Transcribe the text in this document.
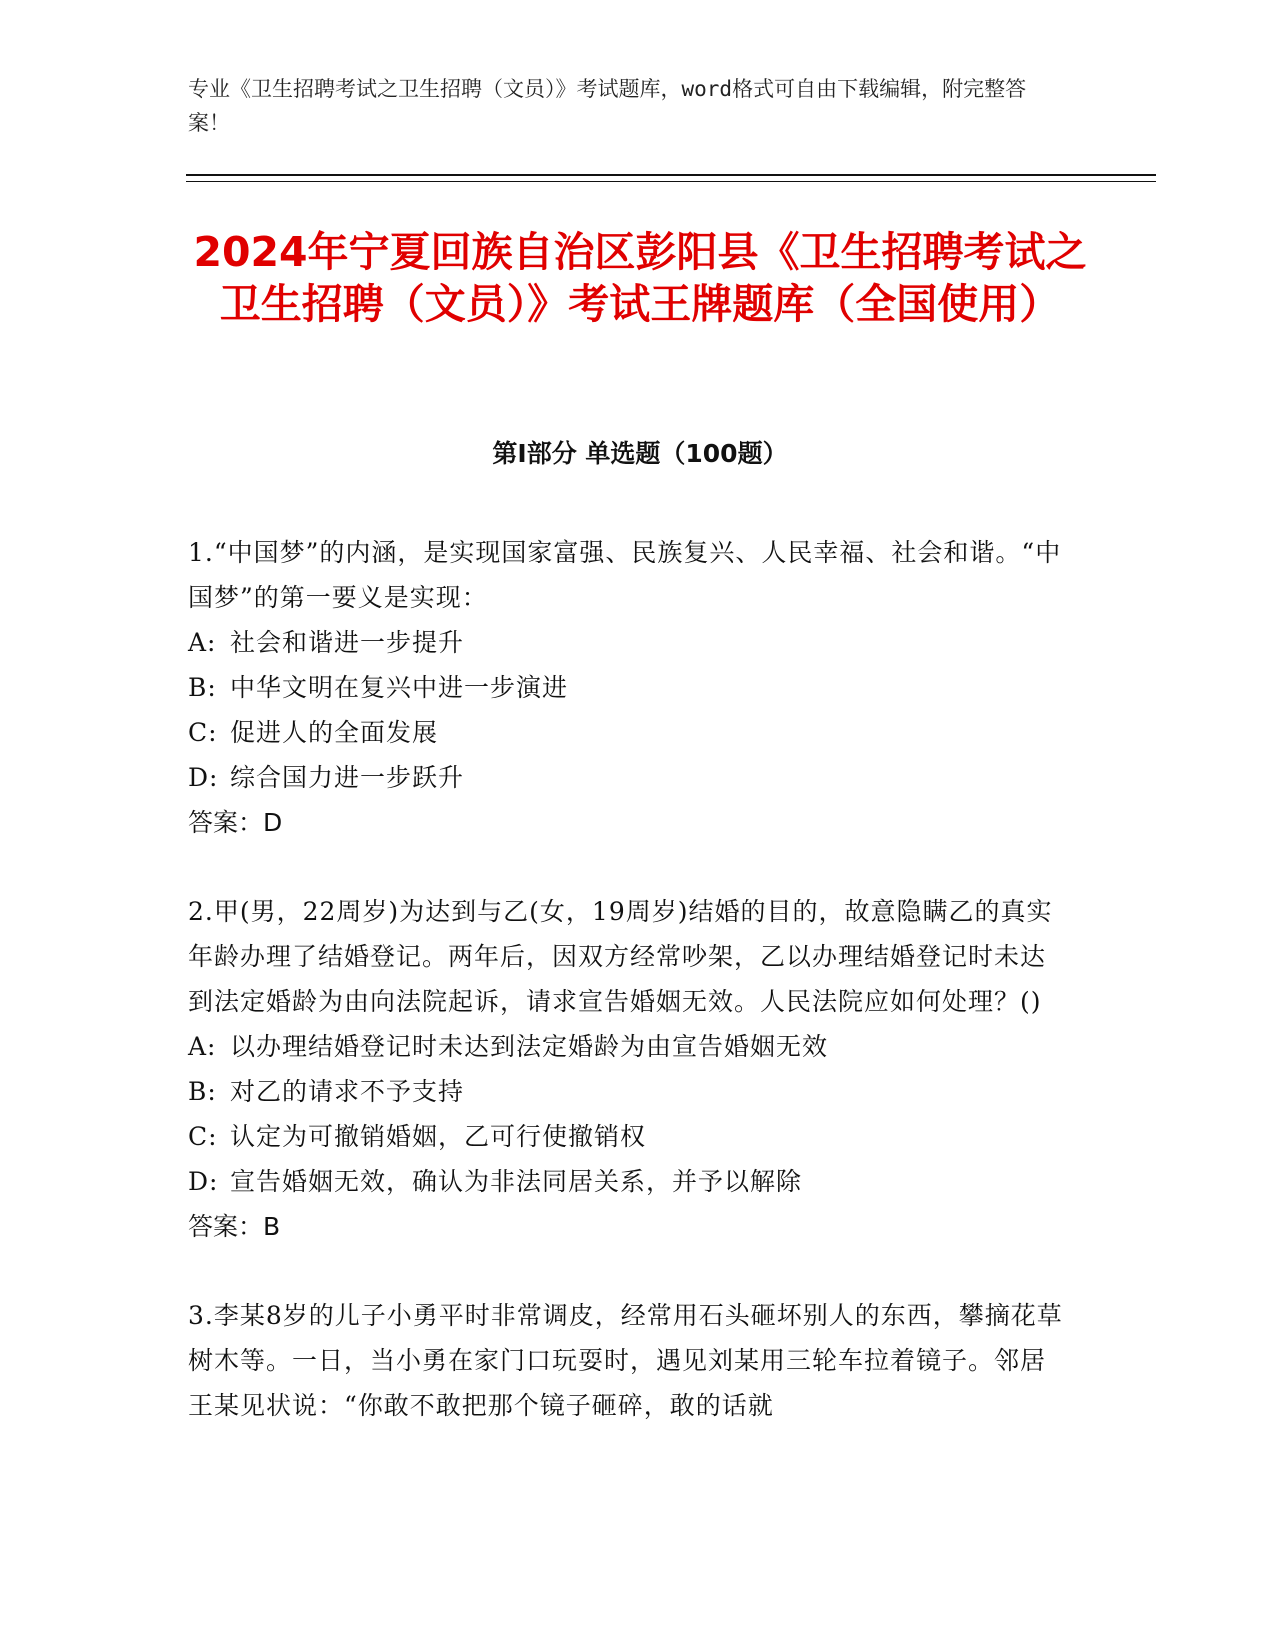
专业《卫生招聘考试之卫生招聘（文员）》考试题库，word格式可自由下载编辑，附完整答案！
2024年宁夏回族自治区彭阳县《卫生招聘考试之卫生招聘（文员）》考试王牌题库（全国使用）
第Ⅰ部分 单选题（100题）

1.“中国梦”的内涵，是实现国家富强、民族复兴、人民幸福、社会和谐。“中国梦”的第一要义是实现：

A: 社会和谐进一步提升

B: 中华文明在复兴中进一步演进

C: 促进人的全面发展

D: 综合国力进一步跃升

答案：D

2.甲(男，22周岁)为达到与乙(女，19周岁)结婚的目的，故意隐瞒乙的真实年龄办理了结婚登记。两年后，因双方经常吵架，乙以办理结婚登记时未达到法定婚龄为由向法院起诉，请求宣告婚姻无效。人民法院应如何处理？()

A: 以办理结婚登记时未达到法定婚龄为由宣告婚姻无效

B: 对乙的请求不予支持

C: 认定为可撤销婚姻，乙可行使撤销权

D: 宣告婚姻无效，确认为非法同居关系，并予以解除

答案：B

3.李某8岁的儿子小勇平时非常调皮，经常用石头砸坏别人的东西，攀摘花草树木等。一日，当小勇在家门口玩耍时，遇见刘某用三轮车拉着镜子。邻居王某见状说：“你敢不敢把那个镜子砸碎，敢的话就
